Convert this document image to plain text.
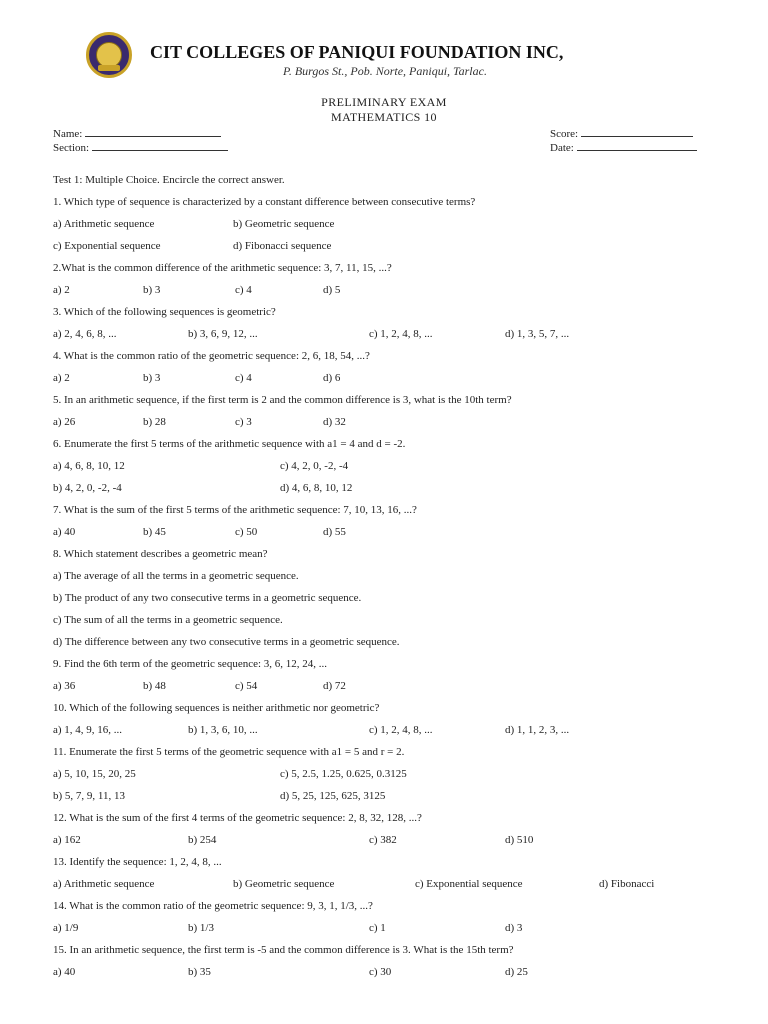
CIT COLLEGES OF PANIQUI FOUNDATION INC,
P. Burgos St., Pob. Norte, Paniqui, Tarlac.
PRELIMINARY EXAM
MATHEMATICS 10
Name:
Section:
Score:
Date:
Test 1: Multiple Choice. Encircle the correct answer.
1. Which type of sequence is characterized by a constant difference between consecutive terms?
a) Arithmetic sequence	b) Geometric sequence
c) Exponential sequence	d) Fibonacci sequence
2.What is the common difference of the arithmetic sequence: 3, 7, 11, 15, ...?
a) 2	b) 3	c) 4	d) 5
3. Which of the following sequences is geometric?
a) 2, 4, 6, 8, ...	b) 3, 6, 9, 12, ...	c) 1, 2, 4, 8, ...	d) 1, 3, 5, 7, ...
4. What is the common ratio of the geometric sequence: 2, 6, 18, 54, ...?
a) 2	b) 3	c) 4	d) 6
5. In an arithmetic sequence, if the first term is 2 and the common difference is 3, what is the 10th term?
a) 26	b) 28	c) 3	d) 32
6. Enumerate the first 5 terms of the arithmetic sequence with a1 = 4 and d = -2.
a) 4, 6, 8, 10, 12	c) 4, 2, 0, -2, -4
b) 4, 2, 0, -2, -4	d) 4, 6, 8, 10, 12
7. What is the sum of the first 5 terms of the arithmetic sequence: 7, 10, 13, 16, ...?
a) 40	b) 45	c) 50	d) 55
8. Which statement describes a geometric mean?
a) The average of all the terms in a geometric sequence.
b) The product of any two consecutive terms in a geometric sequence.
c) The sum of all the terms in a geometric sequence.
d) The difference between any two consecutive terms in a geometric sequence.
9. Find the 6th term of the geometric sequence: 3, 6, 12, 24, ...
a) 36	b) 48	c) 54	d) 72
10. Which of the following sequences is neither arithmetic nor geometric?
a) 1, 4, 9, 16, ...	b) 1, 3, 6, 10, ...	c) 1, 2, 4, 8, ...	d) 1, 1, 2, 3, ...
11. Enumerate the first 5 terms of the geometric sequence with a1 = 5 and r = 2.
a) 5, 10, 15, 20, 25	c) 5, 2.5, 1.25, 0.625, 0.3125
b) 5, 7, 9, 11, 13	d) 5, 25, 125, 625, 3125
12. What is the sum of the first 4 terms of the geometric sequence: 2, 8, 32, 128, ...?
a) 162	b) 254	c) 382	d) 510
13. Identify the sequence: 1, 2, 4, 8, ...
a) Arithmetic sequence	b) Geometric sequence	c) Exponential sequence	d) Fibonacci
14. What is the common ratio of the geometric sequence: 9, 3, 1, 1/3, ...?
a) 1/9	b) 1/3	c) 1	d) 3
15. In an arithmetic sequence, the first term is -5 and the common difference is 3. What is the 15th term?
a) 40	b) 35	c) 30	d) 25
